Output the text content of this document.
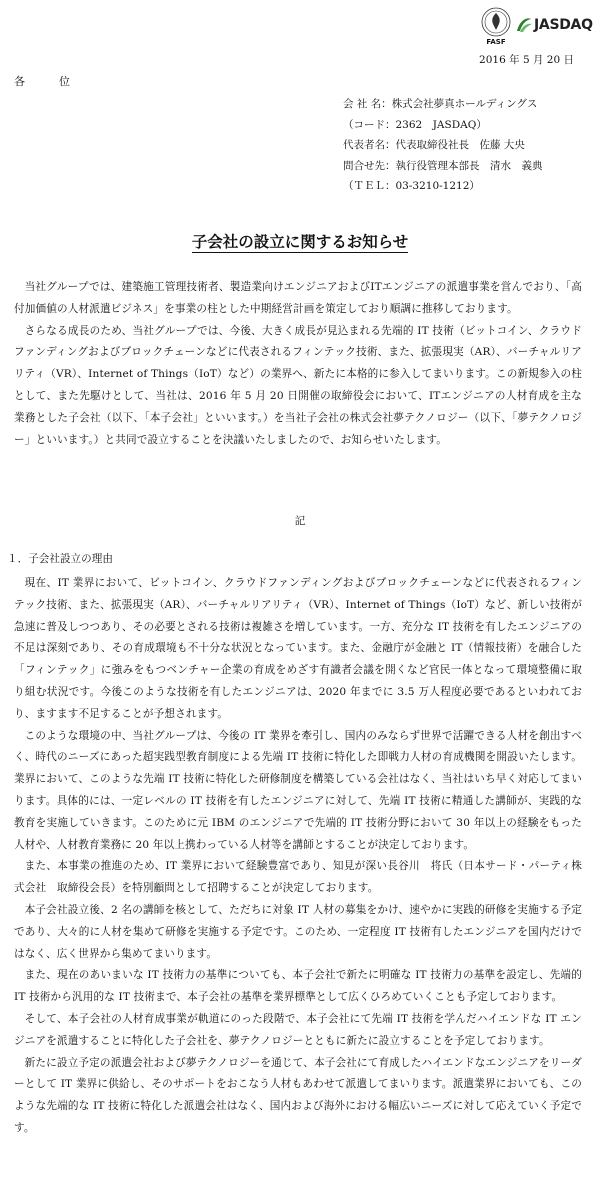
FASF
JASDAQ
2016 年 5 月 20 日
各	位
会 社 名：株式会社夢真ホールディングス
（コード：2362　JASDAQ）
代表者名：代表取締役社長　佐藤 大央
問合せ先：執行役管理本部長　清水　義典
（ＴＥＬ：03-3210-1212）
子会社の設立に関するお知らせ

当社グループでは、建築施工管理技術者、製造業向けエンジニアおよびITエンジニアの派遣事業を営んでおり、「高付加価値の人材派遣ビジネス」を事業の柱とした中期経営計画を策定しており順調に推移しております。

さらなる成長のため、当社グループでは、今後、大きく成長が見込まれる先端的 IT 技術（ビットコイン、クラウドファンディングおよびブロックチェーンなどに代表されるフィンテック技術、また、拡張現実（AR）、バーチャルリアリティ（VR）、Internet of Things（IoT）など）の業界へ、新たに本格的に参入してまいります。この新規参入の柱として、また先駆けとして、当社は、2016 年 5 月 20 日開催の取締役会において、ITエンジニアの人材育成を主な業務とした子会社（以下、「本子会社」といいます。）を当社子会社の株式会社夢テクノロジー（以下、「夢テクノロジー」といいます。）と共同で設立することを決議いたしましたので、お知らせいたします。

記
１．子会社設立の理由

現在、IT 業界において、ビットコイン、クラウドファンディングおよびブロックチェーンなどに代表されるフィンテック技術、また、拡張現実（AR）、バーチャルリアリティ（VR）、Internet of Things（IoT）など、新しい技術が急速に普及しつつあり、その必要とされる技術は複雑さを増しています。一方、充分な IT 技術を有したエンジニアの不足は深刻であり、その育成環境も不十分な状況となっています。また、金融庁が金融と IT（情報技術）を融合した「フィンテック」に強みをもつベンチャー企業の育成をめざす有識者会議を開くなど官民一体となって環境整備に取り組む状況です。今後このような技術を有したエンジニアは、2020 年までに 3.5 万人程度必要であるといわれており、ますます不足することが予想されます。

このような環境の中、当社グループは、今後の IT 業界を牽引し、国内のみならず世界で活躍できる人材を創出すべく、時代のニーズにあった超実践型教育制度による先端 IT 技術に特化した即戦力人材の育成機関を開設いたします。業界において、このような先端 IT 技術に特化した研修制度を構築している会社はなく、当社はいち早く対応してまいります。具体的には、一定レベルの IT 技術を有したエンジニアに対して、先端 IT 技術に精通した講師が、実践的な教育を実施していきます。このために元 IBM のエンジニアで先端的 IT 技術分野において 30 年以上の経験をもった人材や、人材教育業務に 20 年以上携わっている人材等を講師とすることが決定しております。

また、本事業の推進のため、IT 業界において経験豊富であり、知見が深い長谷川　将氏（日本サード・パーティ株式会社　取締役会長）を特別顧問として招聘することが決定しております。

本子会社設立後、2 名の講師を核として、ただちに対象 IT 人材の募集をかけ、速やかに実践的研修を実施する予定であり、大々的に人材を集めて研修を実施する予定です。このため、一定程度 IT 技術有したエンジニアを国内だけではなく、広く世界から集めてまいります。

また、現在のあいまいな IT 技術力の基準についても、本子会社で新たに明確な IT 技術力の基準を設定し、先端的 IT 技術から汎用的な IT 技術まで、本子会社の基準を業界標準として広くひろめていくことも予定しております。

そして、本子会社の人材育成事業が軌道にのった段階で、本子会社にて先端 IT 技術を学んだハイエンドな IT エンジニアを派遣することに特化した子会社を、夢テクノロジーとともに新たに設立することを予定しております。

新たに設立予定の派遣会社および夢テクノロジーを通じて、本子会社にて育成したハイエンドなエンジニアをリーダーとして IT 業界に供給し、そのサポートをおこなう人材もあわせて派遣してまいります。派遣業界においても、このような先端的な IT 技術に特化した派遣会社はなく、国内および海外における幅広いニーズに対して応えていく予定です。
